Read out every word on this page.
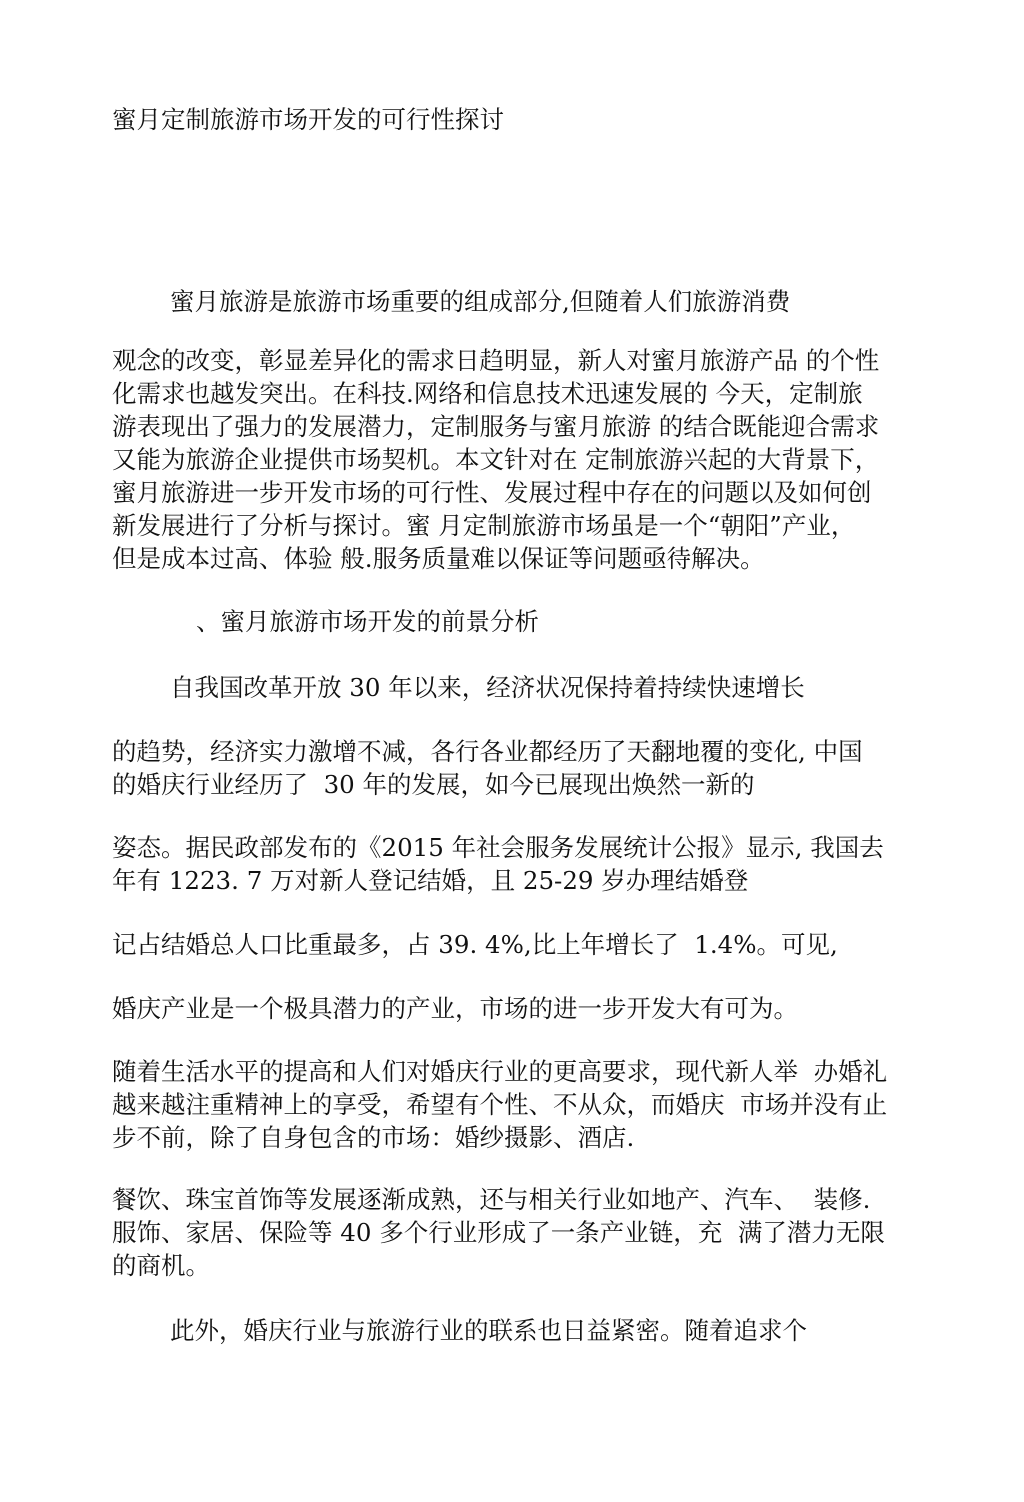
蜜月定制旅游市场开发的可行性探讨
蜜月旅游是旅游市场重要的组成部分,但随着人们旅游消费
观念的改变，彰显差异化的需求日趋明显，新人对蜜月旅游产品 的个性
化需求也越发突出。在科技.网络和信息技术迅速发展的 今天，定制旅
游表现出了强力的发展潜力，定制服务与蜜月旅游 的结合既能迎合需求
又能为旅游企业提供市场契机。本文针对在 定制旅游兴起的大背景下，
蜜月旅游进一步开发市场的可行性、发展过程中存在的问题以及如何创
新发展进行了分析与探讨。蜜 月定制旅游市场虽是一个“朝阳”产业，
但是成本过高、体验 般.服务质量难以保证等问题亟待解决。
、蜜月旅游市场开发的前景分析
自我国改革开放 30 年以来，经济状况保持着持续快速增长
的趋势，经济实力激增不减，各行各业都经历了天翻地覆的变化, 中国
的婚庆行业经历了  30 年的发展，如今已展现出焕然一新的
姿态。据民政部发布的《2015 年社会服务发展统计公报》显示, 我国去
年有 1223. 7 万对新人登记结婚，且 25-29 岁办理结婚登
记占结婚总人口比重最多，占 39. 4%,比上年增长了  1.4%。可见,
婚庆产业是一个极具潜力的产业，市场的进一步开发大有可为。
随着生活水平的提高和人们对婚庆行业的更高要求，现代新人举  办婚礼
越来越注重精神上的享受，希望有个性、不从众，而婚庆  市场并没有止
步不前，除了自身包含的市场：婚纱摄影、酒店.
餐饮、珠宝首饰等发展逐渐成熟，还与相关行业如地产、汽车、  装修.
服饰、家居、保险等 40 多个行业形成了一条产业链，充  满了潜力无限
的商机。
此外，婚庆行业与旅游行业的联系也日益紧密。随着追求个
